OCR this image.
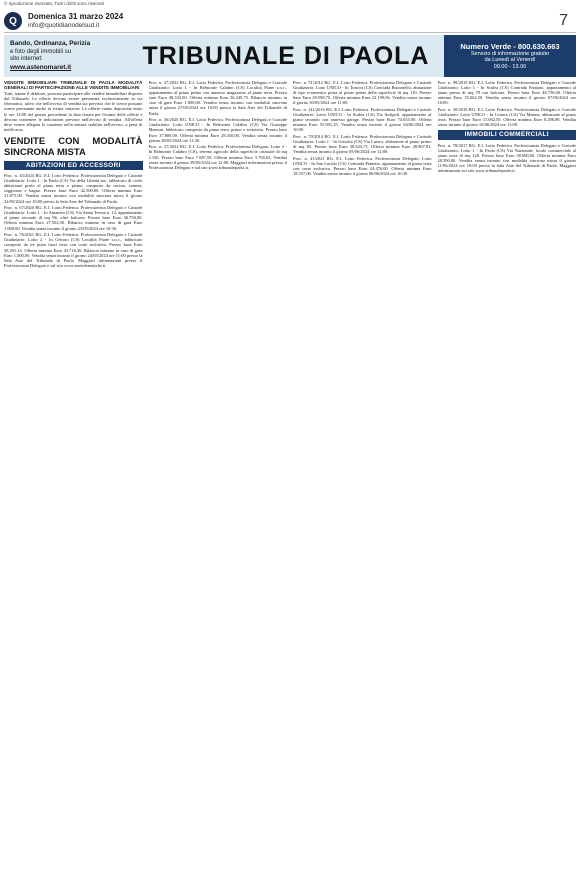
© riproduzione riservata, Tutti i diritti sono riservati
Q	Domenica 31 marzo 2024
info@quotidianodelsud.it	7
Bando, Ordinanza, Perizia
e foto degli immobili su
sito internet:
www.astenomaret.it	TRIBUNALE DI PAOLA	Numero Verde - 800.630.663
Servizio di informazione gratuito
da Lunedì al Venerdì
09.00 - 13.00
VENDITE IMMOBILIARI TRIBUNALE DI PAOLA MODALITÀ GENERALI DI PARTECIPAZIONE ALLE VENDITE IMMOBILIARI

Tutti, tranne il debitore, possono partecipare alle vendite immobiliari disposte dal Tribunale. Le offerte devono essere presentate esclusivamente in via telematica, salvo che nell'avviso di vendita sia previsto che le stesse possano essere presentate anche in forma cartacea. Le offerte vanno depositate entro le ore 12:00 del giorno precedente la data fissata per l'esame delle offerte e devono contenere le indicazioni previste nell'avviso di vendita. All'offerta deve essere allegata la cauzione nella misura stabilita nell'avviso, a pena di inefficacia.

VENDITE CON MODALITÀ SINCRONA MISTA
ABITAZIONI ED ACCESSORI

Proc. n. 45/2023 RG. E.I. Lotto Federica. Professionista Delegato e Custode Giudiziario: Lotto 1 - In Paola (CS) Via della Libertà snc, fabbricato di civile abitazione posto al piano terra e primo, composto da cucina, camera, soggiorno e bagno. Prezzo base Euro 42.500,00. Offerta minima Euro 31.875,00. Vendita senza incanto con modalità sincrona mista il giorno 22/05/2024 ore 10:00 presso la Sala Aste del Tribunale di Paola.

Proc. n. 67/2020 RG. E.I. Lotto Federica. Professionista Delegato e Custode Giudiziario: Lotto 1 - In Amantea (CS) Via Santa Teresa n. 12, appartamento al piano secondo di mq 86, oltre balcone. Prezzo base Euro 36.750,00. Offerta minima Euro 27.562,50. Rilancio minimo in caso di gara Euro 1.000,00. Vendita senza incanto il giorno 23/05/2024 ore 10:30.

Proc. n. 76/2021 RG. E.I. Lotto Federica. Professionista Delegato e Custode Giudiziario: Lotto 2 - In Cetraro (CS) Località Piane s.n.c., fabbricato composto da tre piani fuori terra con corte esclusiva. Prezzo base Euro 58.291,14. Offerta minima Euro 43.718,36. Rilancio minimo in caso di gara Euro 1.000,00. Vendita senza incanto il giorno 24/05/2024 ore 11:00 presso la Sala Aste del Tribunale di Paola. Maggiori informazioni presso il Professionista Delegato e sul sito www.astetelematiche.it.

Proc. n. 37/2022 RG. E.I. Lotto Federica. Professionista Delegato e Custode Giudiziario: Lotto 1 - In Belmonte Calabro (CS) Località Piane s.n.c., appartamento al piano primo con annesso magazzino al piano terra. Prezzo base Euro 48.333,00. Offerta minima Euro 36.249,75. Rilancio minimo in caso di gara Euro 1.000,00. Vendita senza incanto con modalità sincrona mista il giorno 27/05/2024 ore 10:00 presso la Sala Aste del Tribunale di Paola.

Proc. n. 56/2020 RG. E.I. Lotto Federica. Professionista Delegato e Custode Giudiziario: Lotto UNICO - In Belmonte Calabro (CS) Via Giuseppe Mazzini, fabbricato composto da piano terra, primo e sottotetto. Prezzo base Euro 37.800,00. Offerta minima Euro 28.350,00. Vendita senza incanto il giorno 28/05/2024 ore 11:30.

Proc. n. 37/2022 RG. E.I. Lotto Federica. Professionista Delegato: Lotto 2 - In Belmonte Calabro (CS), terreno agricolo della superficie catastale di mq 2.150. Prezzo base Euro 7.687,50. Offerta minima Euro 5.765,63. Vendita senza incanto il giorno 29/05/2024 ore 12:00. Maggiori informazioni presso il Professionista Delegato e sul sito www.tribunalepaola.it.

Proc. n. 51/2012 RG. E.I. Lotto Federica. Professionista Delegato e Custode Giudiziario: Lotto UNICO - In Tortora (CS) Contrada Rizzonello, abitazione di tipo economico posta al piano primo della superficie di mq 110. Prezzo base Euro 29.598,75. Offerta minima Euro 22.199,06. Vendita senza incanto il giorno 30/05/2024 ore 11:00.

Proc. n. 141/2016 RG. E.I. Lotto Federica. Professionista Delegato e Custode Giudiziario: Lotto UNICO - In Scalea (CS) Via Anfipoli, appartamento al piano secondo con annesso garage. Prezzo base Euro 74.655,00. Offerta minima Euro 55.991,25. Vendita senza incanto il giorno 04/06/2024 ore 10:00.

Proc. n. 70/2014 RG. E.I. Lotto Federica. Professionista Delegato e Custode Giudiziario: Lotto 1 - In Grisolia (CS) Via Lutero, abitazione al piano primo di mq 85. Prezzo base Euro 38.623,75. Offerta minima Euro 28.967,81. Vendita senza incanto il giorno 05/06/2024 ore 12:00.

Proc. n. 41/2021 RG. E.I. Lotto Federica. Professionista Delegato: Lotto UNICO - In San Lucido (CS) Contrada Pianette, appartamento al piano terra con corte esclusiva. Prezzo base Euro 24.476,00. Offerta minima Euro 18.357,00. Vendita senza incanto il giorno 06/06/2024 ore 10:30.

Proc. n. 98/2019 RG. E.I. Lotto Federica. Professionista Delegato e Custode Giudiziario: Lotto 1 - In Scalea (CS) Contrada Pantano, appartamento al piano primo di mq 78 con balcone. Prezzo base Euro 46.750,00. Offerta minima Euro 35.062,50. Vendita senza incanto il giorno 07/06/2024 ore 10:00.

Proc. n. 30/2019 RG. E.I. Lotto Federica. Professionista Delegato e Custode Giudiziario: Lotto UNICO - In Cetraro (CS) Via Marina, abitazione al piano terra. Prezzo base Euro 11.062,50. Offerta minima Euro 8.296,88. Vendita senza incanto il giorno 10/06/2024 ore 11:00.

IMMOBILI COMMERCIALI

Proc. n. 78/2017 RG. E.I. Lotto Federica. Professionista Delegato e Custode Giudiziario: Lotto 1 - In Paola (CS) Via Nazionale, locale commerciale al piano terra di mq 120. Prezzo base Euro 38.000,00. Offerta minima Euro 28.500,00. Vendita senza incanto con modalità sincrona mista il giorno 11/06/2024 ore 10:00 presso la Sala Aste del Tribunale di Paola. Maggiori informazioni sul sito www.tribunalepaola.it.
